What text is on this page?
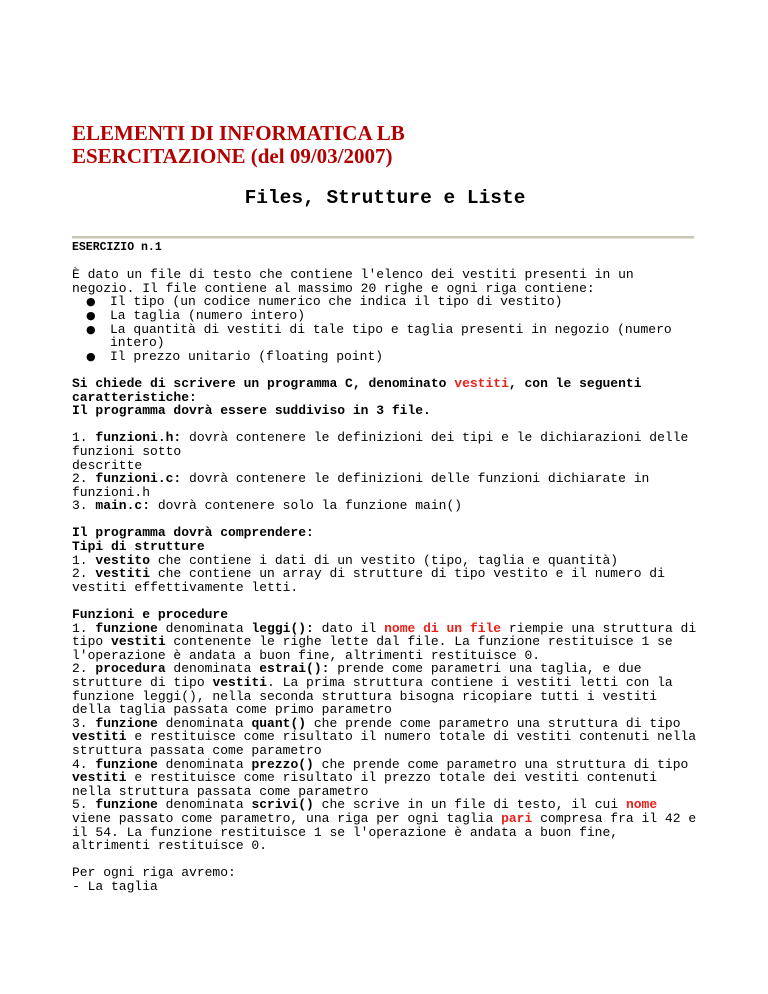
ELEMENTI DI INFORMATICA LB
ESERCITAZIONE (del 09/03/2007)
Files, Strutture e Liste

ESERCIZIO n.1

È dato un file di testo che contiene l'elenco dei vestiti presenti in un negozio. Il file contiene al massimo 20 righe e ogni riga contiene:

● Il tipo (un codice numerico che indica il tipo di vestito)
● La taglia (numero intero)
● La quantità di vestiti di tale tipo e taglia presenti in negozio (numero intero)
● Il prezzo unitario (floating point)

Si chiede di scrivere un programma C, denominato vestiti, con le seguenti caratteristiche:
Il programma dovrà essere suddiviso in 3 file.

1. funzioni.h: dovrà contenere le definizioni dei tipi e le dichiarazioni delle funzioni sotto
descritte
2. funzioni.c: dovrà contenere le definizioni delle funzioni dichiarate in funzioni.h
3. main.c: dovrà contenere solo la funzione main()

Il programma dovrà comprendere:
Tipi di strutture
1. vestito che contiene i dati di un vestito (tipo, taglia e quantità)
2. vestiti che contiene un array di strutture di tipo vestito e il numero di vestiti effettivamente letti.

Funzioni e procedure
1. funzione denominata leggi(): dato il nome di un file riempie una struttura di tipo vestiti contenente le righe lette dal file. La funzione restituisce 1 se l'operazione è andata a buon fine, altrimenti restituisce 0.
2. procedura denominata estrai(): prende come parametri una taglia, e due strutture di tipo vestiti. La prima struttura contiene i vestiti letti con la funzione leggi(), nella seconda struttura bisogna ricopiare tutti i vestiti della taglia passata come primo parametro
3. funzione denominata quant() che prende come parametro una struttura di tipo
vestiti e restituisce come risultato il numero totale di vestiti contenuti nella struttura passata come parametro
4. funzione denominata prezzo() che prende come parametro una struttura di tipo
vestiti e restituisce come risultato il prezzo totale dei vestiti contenuti nella struttura passata come parametro
5. funzione denominata scrivi() che scrive in un file di testo, il cui nome viene passato come parametro, una riga per ogni taglia pari compresa fra il 42 e il 54. La funzione restituisce 1 se l'operazione è andata a buon fine, altrimenti restituisce 0.

Per ogni riga avremo:
- La taglia
